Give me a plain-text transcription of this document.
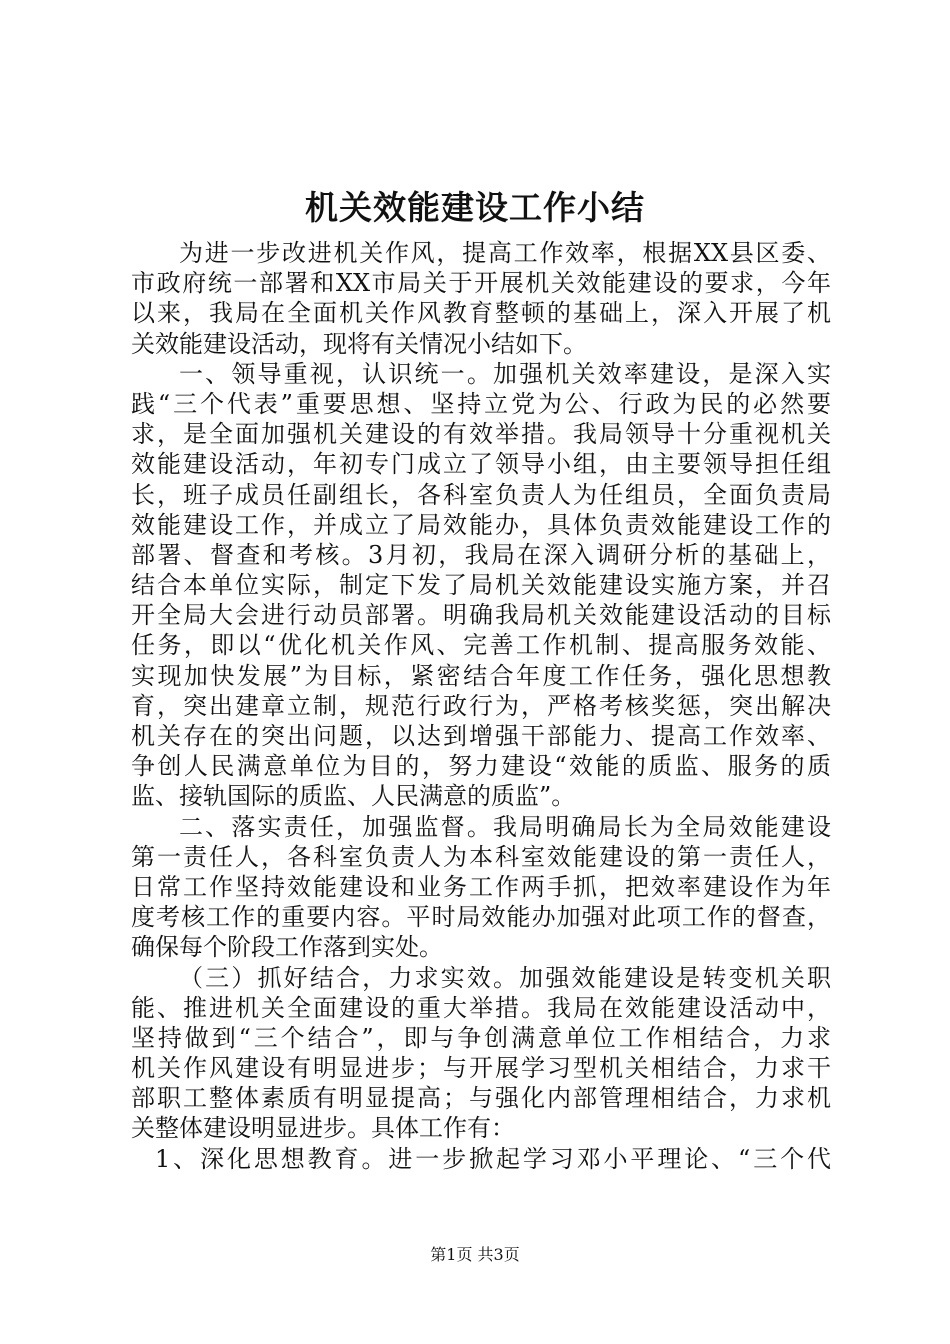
机关效能建设工作小结
为进一步改进机关作风，提高工作效率，根据XX县区委、
市政府统一部署和XX市局关于开展机关效能建设的要求，今年
以来，我局在全面机关作风教育整顿的基础上，深入开展了机
关效能建设活动，现将有关情况小结如下。
一、领导重视，认识统一。加强机关效率建设，是深入实
践“三个代表”重要思想、坚持立党为公、行政为民的必然要
求，是全面加强机关建设的有效举措。我局领导十分重视机关
效能建设活动，年初专门成立了领导小组，由主要领导担任组
长，班子成员任副组长，各科室负责人为任组员，全面负责局
效能建设工作，并成立了局效能办，具体负责效能建设工作的
部署、督查和考核。3月初，我局在深入调研分析的基础上，
结合本单位实际，制定下发了局机关效能建设实施方案，并召
开全局大会进行动员部署。明确我局机关效能建设活动的目标
任务，即以“优化机关作风、完善工作机制、提高服务效能、
实现加快发展”为目标，紧密结合年度工作任务，强化思想教
育，突出建章立制，规范行政行为，严格考核奖惩，突出解决
机关存在的突出问题，以达到增强干部能力、提高工作效率、
争创人民满意单位为目的，努力建设“效能的质监、服务的质
监、接轨国际的质监、人民满意的质监”。
二、落实责任，加强监督。我局明确局长为全局效能建设
第一责任人，各科室负责人为本科室效能建设的第一责任人，
日常工作坚持效能建设和业务工作两手抓，把效率建设作为年
度考核工作的重要内容。平时局效能办加强对此项工作的督查，
确保每个阶段工作落到实处。
（三）抓好结合，力求实效。加强效能建设是转变机关职
能、推进机关全面建设的重大举措。我局在效能建设活动中，
坚持做到“三个结合”，即与争创满意单位工作相结合，力求
机关作风建设有明显进步；与开展学习型机关相结合，力求干
部职工整体素质有明显提高；与强化内部管理相结合，力求机
关整体建设明显进步。具体工作有：
1、深化思想教育。进一步掀起学习邓小平理论、“三个代
第1页 共3页
